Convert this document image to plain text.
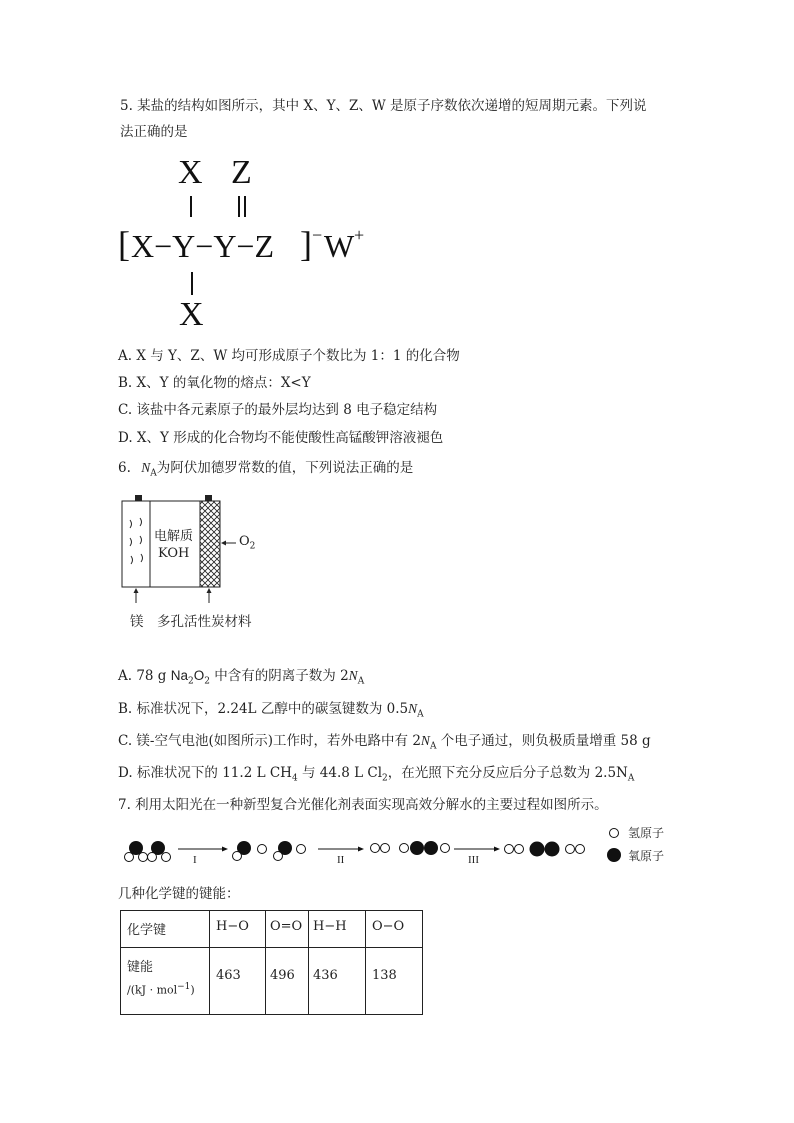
5. 某盐的结构如图所示，其中 X、Y、Z、W 是原子序数依次递增的短周期元素。下列说
法正确的是
X Z
[ X−Y−Y−Z ] − W +
X
A. X 与 Y、Z、W 均可形成原子个数比为 1：1 的化合物
B. X、Y 的氧化物的熔点：X<Y
C. 该盐中各元素原子的最外层均达到 8 电子稳定结构
D. X、Y 形成的化合物均不能使酸性高锰酸钾溶液褪色
6. $N_A$为阿伏加德罗常数的值，下列说法正确的是
电解质
KOH
$O_2$
镁 多孔活性炭材料
A. 78 g $Na_2O_2$ 中含有的阴离子数为 $2N_A$
B. 标准状况下，2.24L 乙醇中的碳氢键数为 $0.5N_A$
C. 镁-空气电池(如图所示)工作时，若外电路中有 $2N_A$ 个电子通过，则负极质量增重 58 g
D. 标准状况下的 11.2 L $CH_4$ 与 44.8 L $Cl_2$，在光照下充分反应后分子总数为 $2.5N_A$
7. 利用太阳光在一种新型复合光催化剂表面实现高效分解水的主要过程如图所示。
I	II	III
氢原子
氧原子
几种化学键的键能：
化学键	H−O O=O H−H O−O
键能
/(kJ · mol$^{-1}$)
463 496 436	138
